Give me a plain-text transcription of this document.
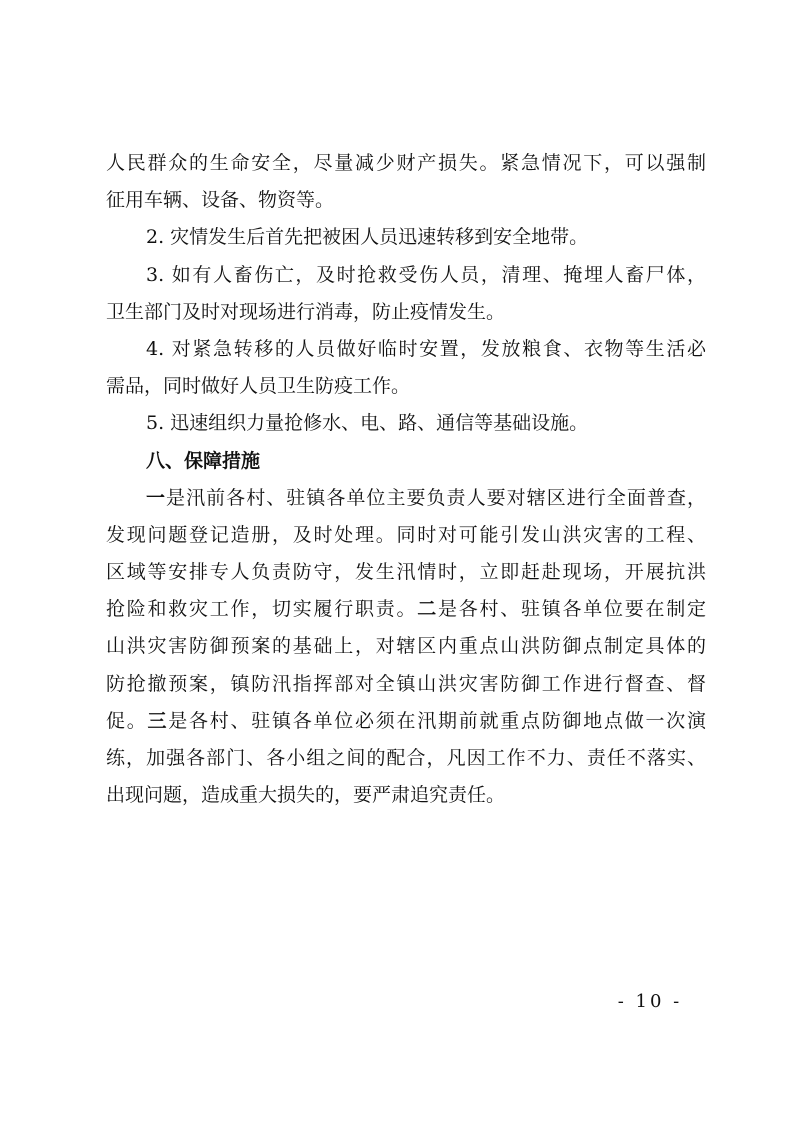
人民群众的生命安全，尽量减少财产损失。紧急情况下，可以强制
征用车辆、设备、物资等。
2. 灾情发生后首先把被困人员迅速转移到安全地带。
3. 如有人畜伤亡，及时抢救受伤人员，清理、掩埋人畜尸体，
卫生部门及时对现场进行消毒，防止疫情发生。
4. 对紧急转移的人员做好临时安置，发放粮食、衣物等生活必
需品，同时做好人员卫生防疫工作。
5. 迅速组织力量抢修水、电、路、通信等基础设施。
八、保障措施
一是汛前各村、驻镇各单位主要负责人要对辖区进行全面普查，
发现问题登记造册，及时处理。同时对可能引发山洪灾害的工程、
区域等安排专人负责防守，发生汛情时，立即赶赴现场，开展抗洪
抢险和救灾工作，切实履行职责。二是各村、驻镇各单位要在制定
山洪灾害防御预案的基础上，对辖区内重点山洪防御点制定具体的
防抢撤预案，镇防汛指挥部对全镇山洪灾害防御工作进行督查、督
促。三是各村、驻镇各单位必须在汛期前就重点防御地点做一次演
练，加强各部门、各小组之间的配合，凡因工作不力、责任不落实、
出现问题，造成重大损失的，要严肃追究责任。
- 10 -
